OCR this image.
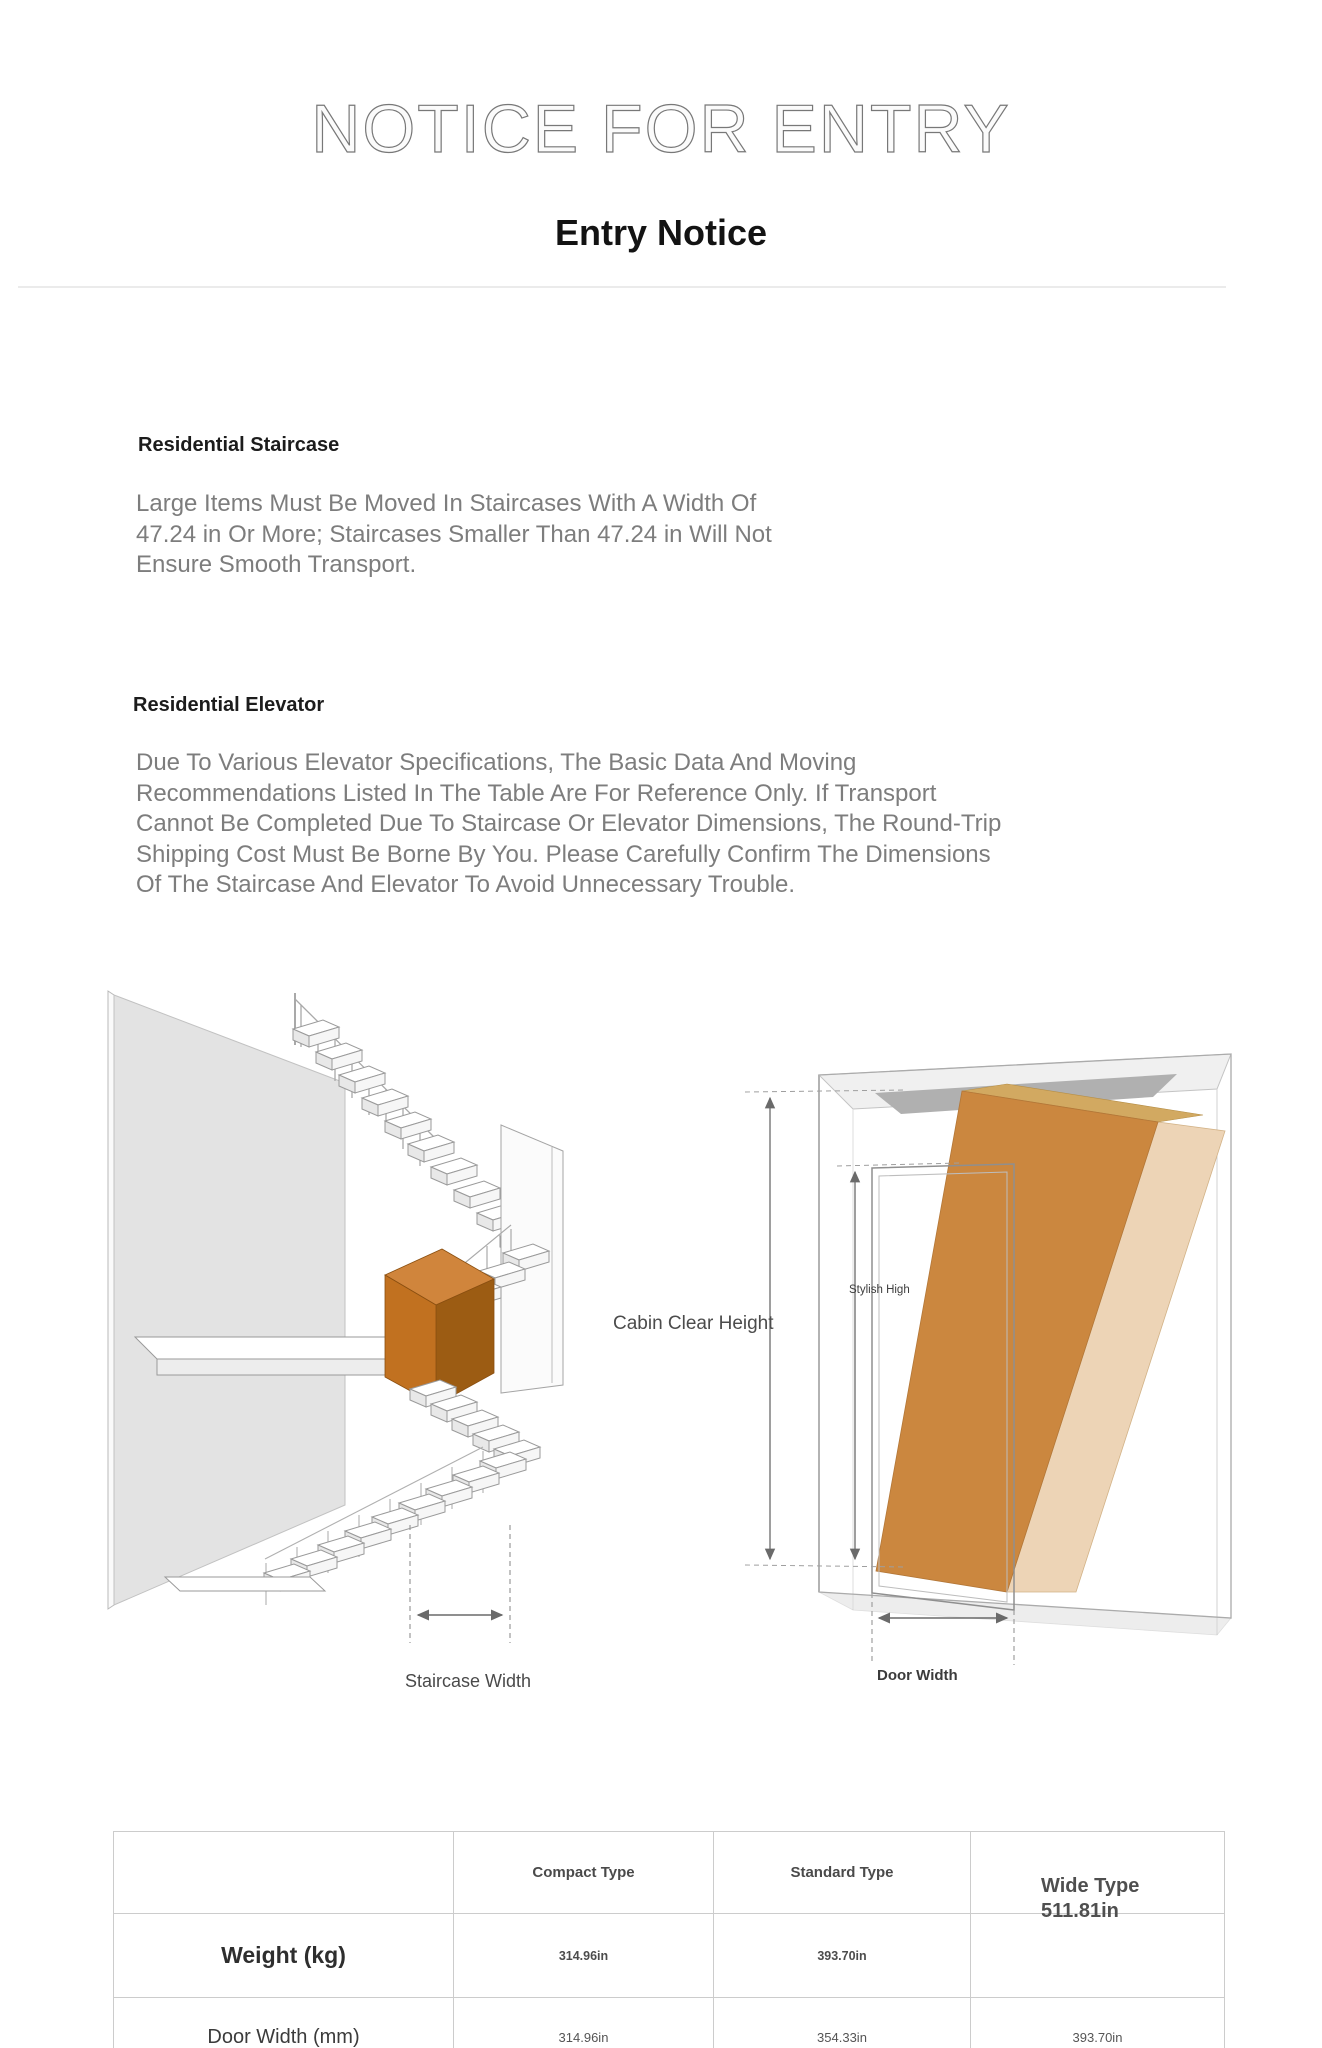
NOTICE FOR ENTRY
Entry Notice
Residential Staircase
Large Items Must Be Moved In Staircases With A Width Of
47.24 in Or More; Staircases Smaller Than 47.24 in Will Not
Ensure Smooth Transport.
Residential Elevator
Due To Various Elevator Specifications, The Basic Data And Moving
Recommendations Listed In The Table Are For Reference Only. If Transport
Cannot Be Completed Due To Staircase Or Elevator Dimensions, The Round-Trip
Shipping Cost Must Be Borne By You. Please Carefully Confirm The Dimensions
Of The Staircase And Elevator To Avoid Unnecessary Trouble.
Staircase Width
Cabin Clear Height
Stylish High
Door Width
	Compact Type	Standard Type	Wide Type 511.81in

Weight (kg)	314.96in	393.70in	
Door Width (mm)	314.96in	354.33in	393.70in
